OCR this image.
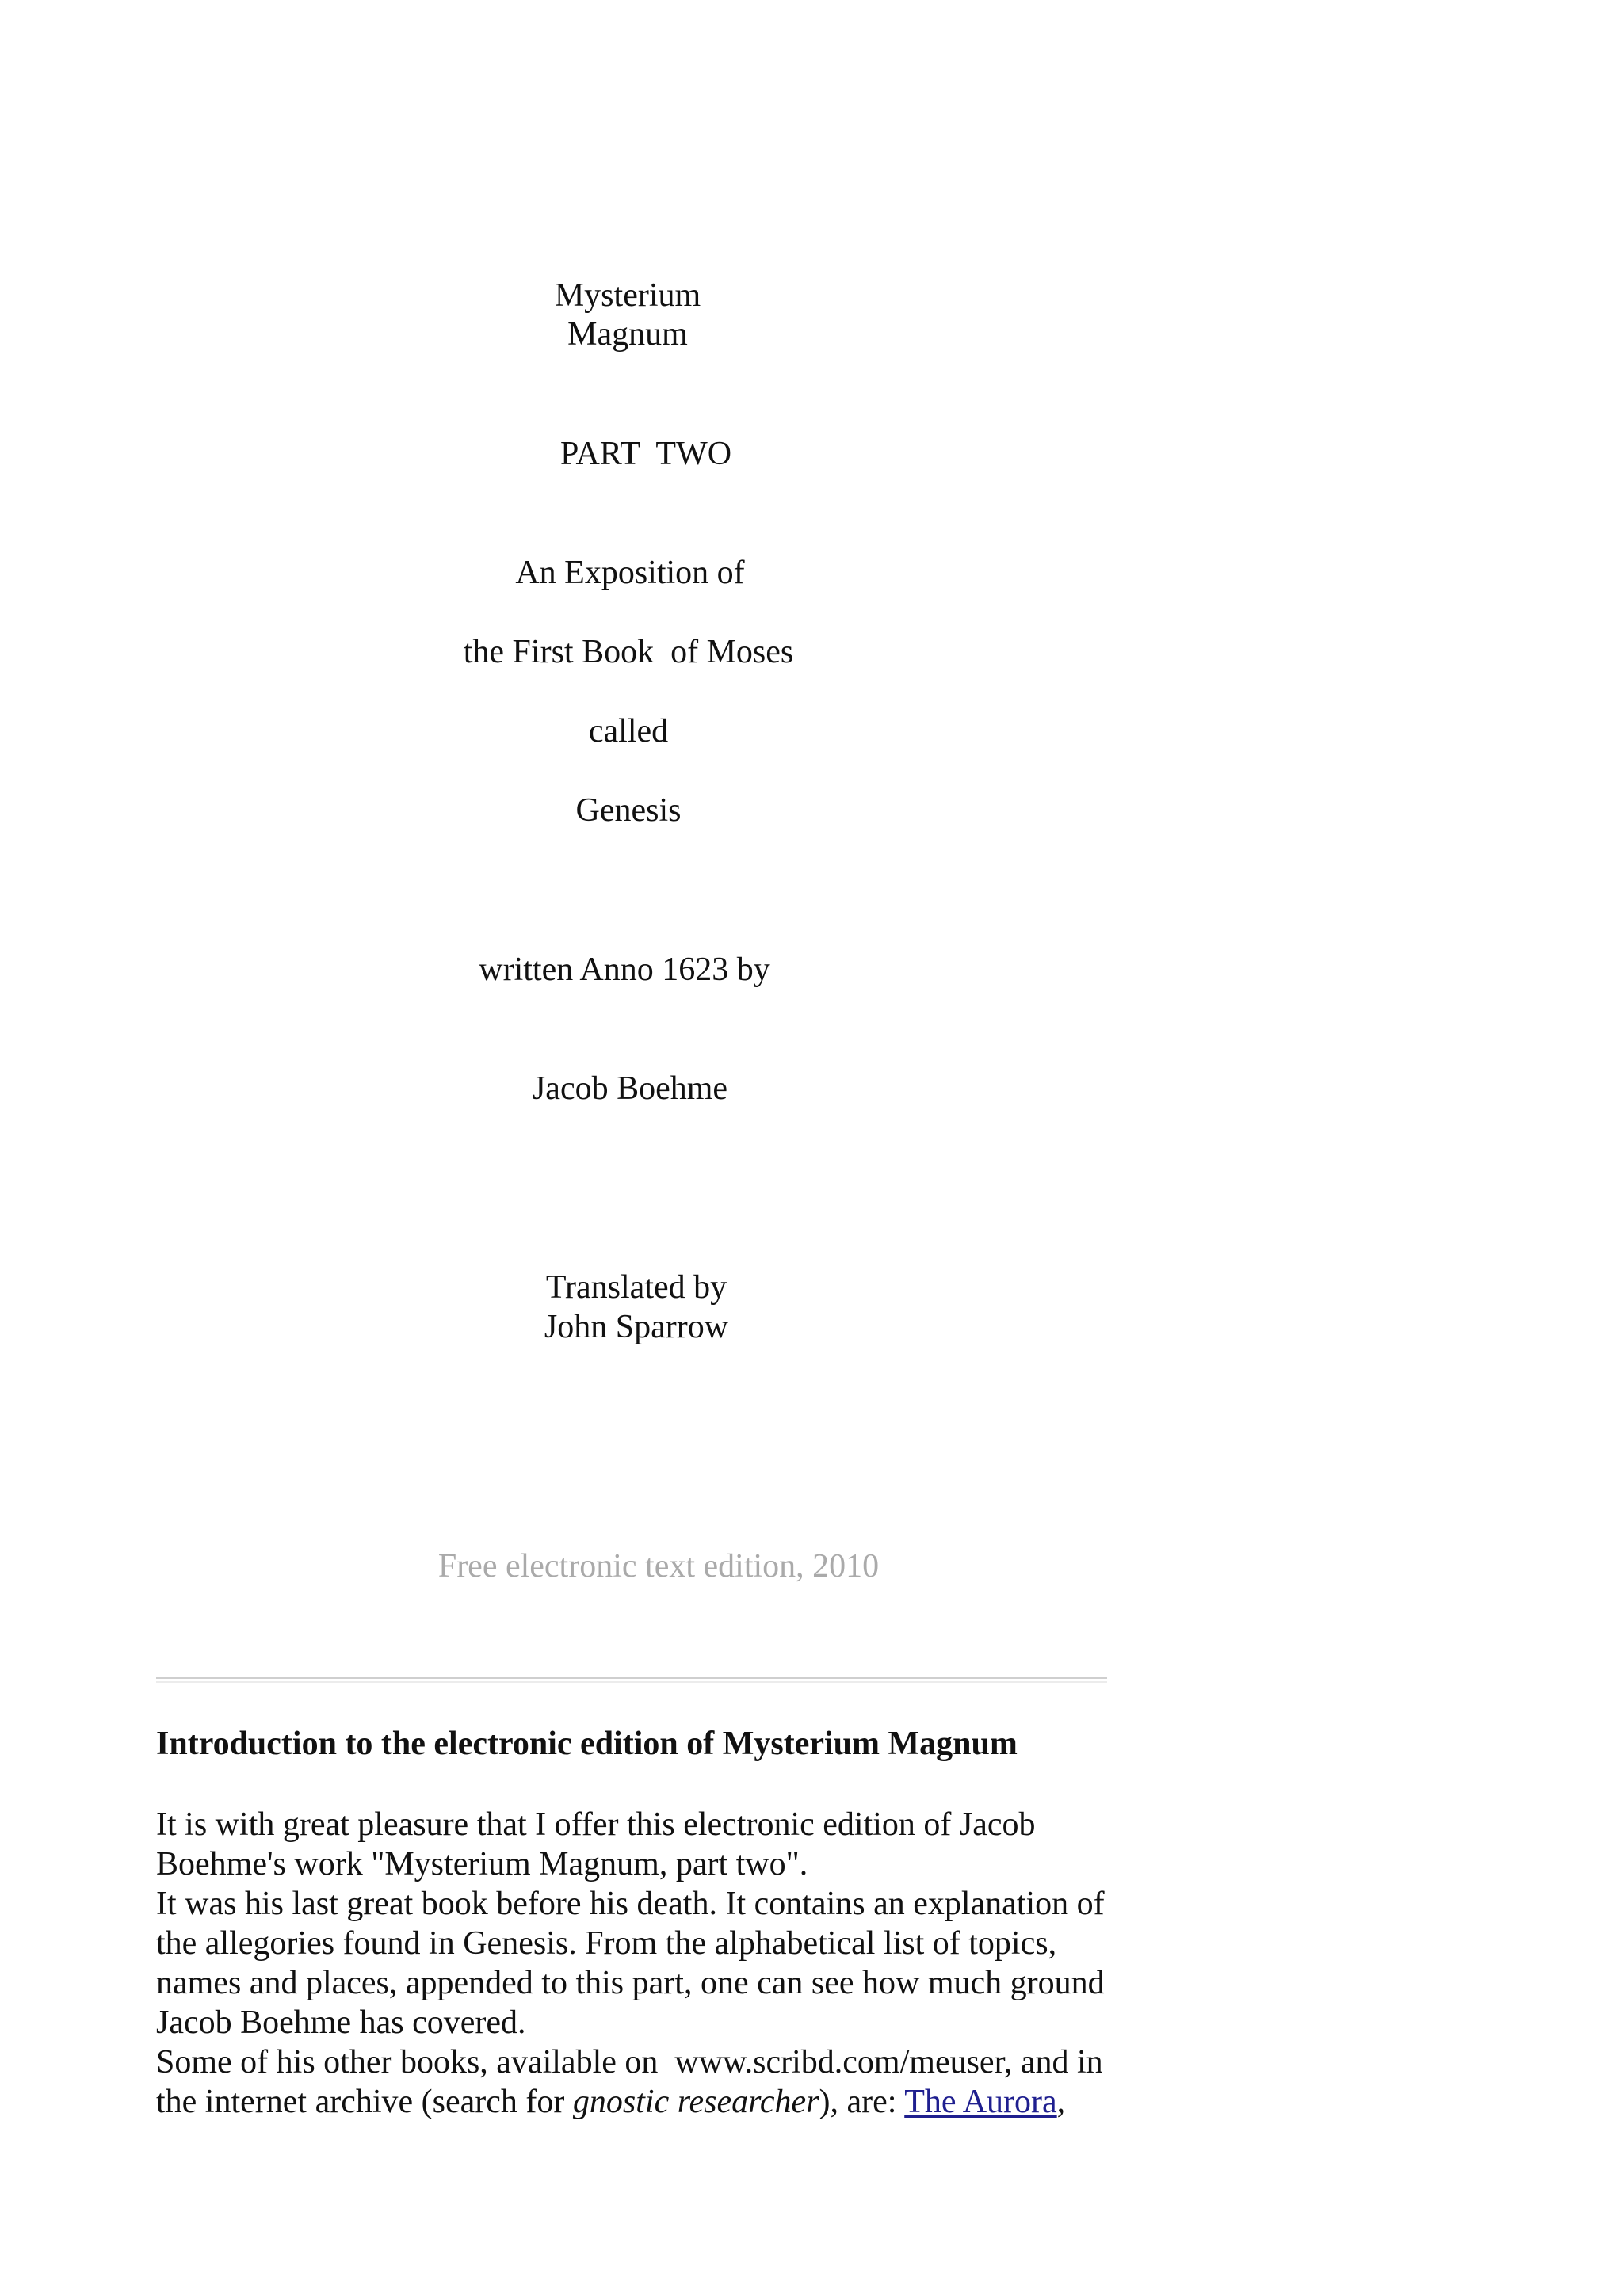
Mysterium
Magnum
PART  TWO
An Exposition of
the First Book  of Moses
called
Genesis
written Anno 1623 by
Jacob Boehme
Translated by
John Sparrow
Free electronic text edition, 2010
Introduction to the electronic edition of Mysterium Magnum
It is with great pleasure that I offer this electronic edition of Jacob
Boehme's work "Mysterium Magnum, part two".
It was his last great book before his death. It contains an explanation of
the allegories found in Genesis. From the alphabetical list of topics,
names and places, appended to this part, one can see how much ground
Jacob Boehme has covered.
Some of his other books, available on  www.scribd.com/meuser, and in
the internet archive (search for gnostic researcher), are: The Aurora,
